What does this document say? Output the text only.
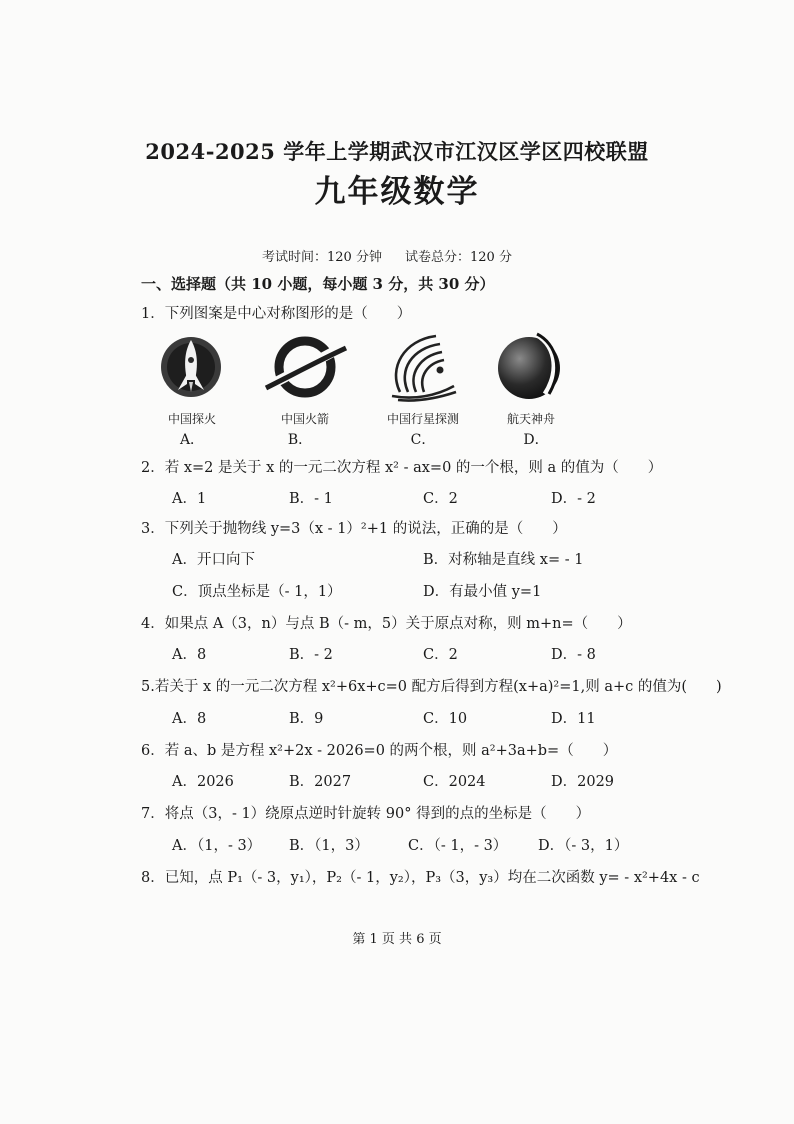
2024-2025 学年上学期武汉市江汉区学区四校联盟
九年级数学
考试时间：120 分钟 试卷总分：120 分
一、选择题（共 10 小题，每小题 3 分，共 30 分）
1．下列图案是中心对称图形的是（　　）
中国探火
A．
中国火箭
B．
中国行星探测
C．
航天神舟
D．
2．若 x=2 是关于 x 的一元二次方程 x² - ax=0 的一个根，则 a 的值为（　　）
A．1	B．- 1	C．2	D．- 2
3．下列关于抛物线 y=3（x - 1）²+1 的说法，正确的是（　　）
A．开口向下	B．对称轴是直线 x= - 1
C．顶点坐标是（- 1，1）	D．有最小值 y=1
4．如果点 A（3，n）与点 B（- m，5）关于原点对称，则 m+n=（　　）
A．8	B．- 2	C．2	D．- 8
5.若关于 x 的一元二次方程 x²+6x+c=0 配方后得到方程(x+a)²=1,则 a+c 的值为(　　)
A．8	B．9	C．10	D．11
6．若 a、b 是方程 x²+2x - 2026=0 的两个根，则 a²+3a+b=（　　）
A．2026	B．2027	C．2024	D．2029
7．将点（3，- 1）绕原点逆时针旋转 90° 得到的点的坐标是（　　）
A．（1，- 3） B．（1，3）	C．（- 1，- 3） D．（- 3，1）
8．已知，点 P₁（- 3，y₁），P₂（- 1，y₂），P₃（3，y₃）均在二次函数 y= - x²+4x - c
第 1 页 共 6 页
